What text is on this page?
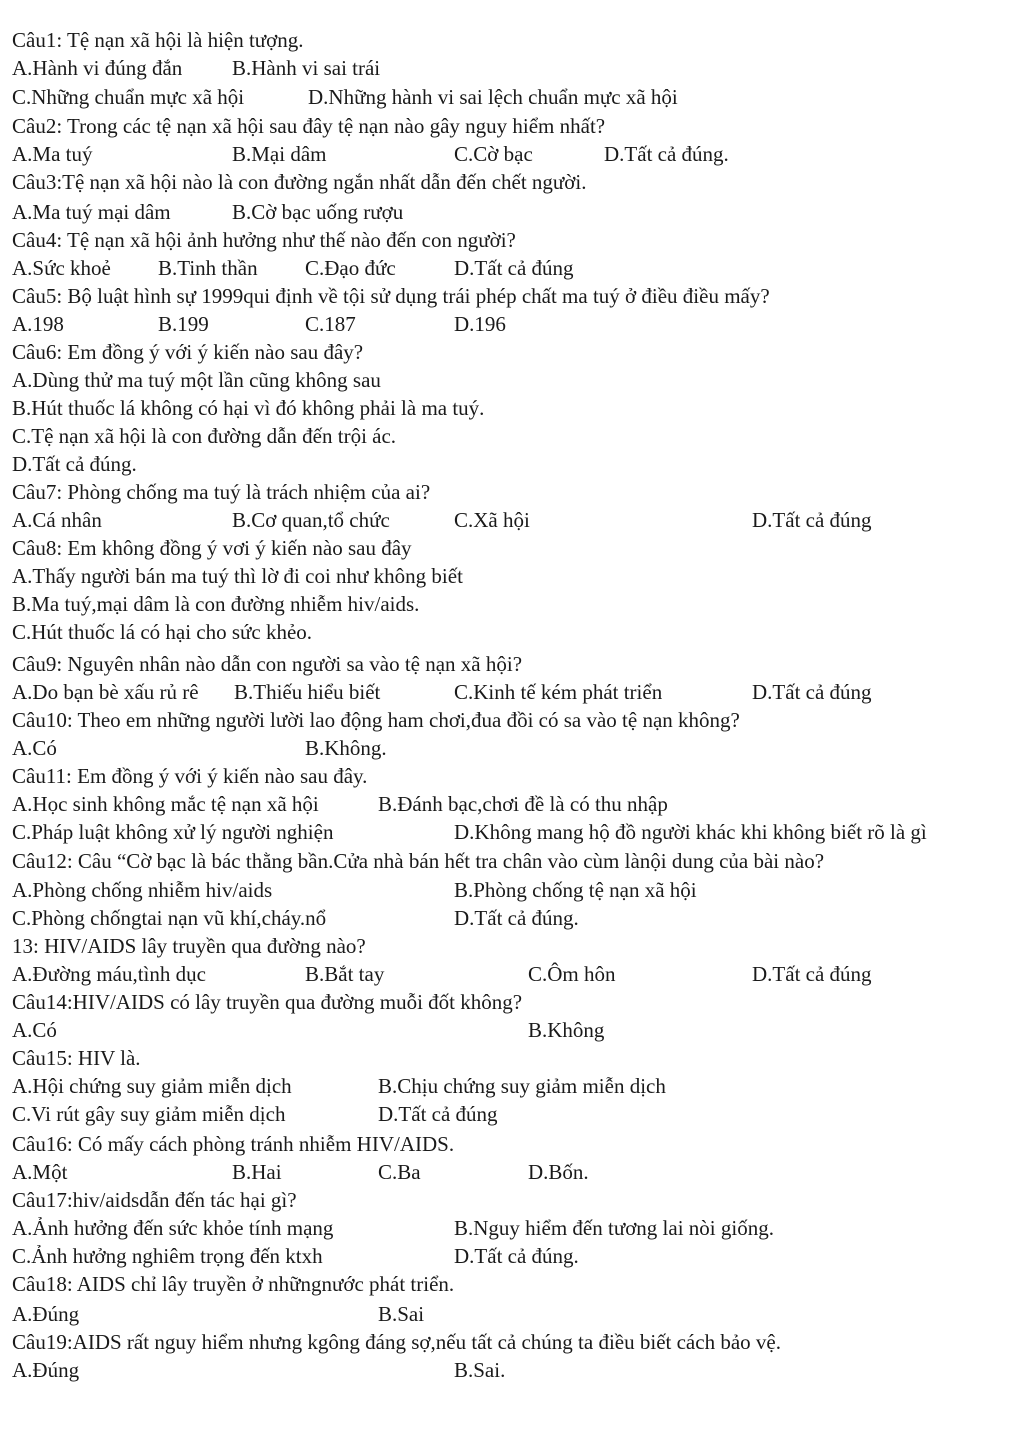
Câu1: Tệ nạn xã hội là hiện tượng.
A.Hành vi đúng đắn B.Hành vi sai trái
C.Những chuẩn mực xã hội	D.Những hành vi sai lệch chuẩn mực xã hội
Câu2: Trong các tệ nạn xã hội sau đây tệ nạn nào gây nguy hiểm nhất?
A.Ma tuý	B.Mại dâm	C.Cờ bạc	D.Tất cả đúng.
Câu3:Tệ nạn xã hội nào là con đường ngắn nhất dẫn đến chết người.
A.Ma tuý mại dâm	B.Cờ bạc uống rượu
Câu4: Tệ nạn xã hội ảnh hưởng như thế nào đến con người?
A.Sức khoẻ B.Tinh thần C.Đạo đức	D.Tất cả đúng
Câu5: Bộ luật hình sự 1999qui định về tội sử dụng trái phép chất ma tuý ở điều điều mấy?
A.198	B.199	C.187	D.196
Câu6: Em đồng ý với ý kiến nào sau đây?
A.Dùng thử ma tuý một lần cũng không sau
B.Hút thuốc lá không có hại vì đó không phải là ma tuý.
C.Tệ nạn xã hội là con đường dẫn đến trội ác.
D.Tất cả đúng.
Câu7: Phòng chống ma tuý là trách nhiệm của ai?
A.Cá nhân	B.Cơ quan,tổ chức	C.Xã hội	D.Tất cả đúng
Câu8: Em không đồng ý vơi ý kiến nào sau đây
A.Thấy người bán ma tuý thì lờ đi coi như không biết
B.Ma tuý,mại dâm là con đường nhiễm hiv/aids.
C.Hút thuốc lá có hại cho sức khẻo.
Câu9: Nguyên nhân nào dẫn con người sa vào tệ nạn xã hội?
A.Do bạn bè xấu rủ rê B.Thiếu hiểu biết	C.Kinh tế kém phát triển	D.Tất cả đúng
Câu10: Theo em những người lười lao động ham chơi,đua đồi có sa vào tệ nạn không?
A.Có	B.Không.
Câu11: Em đồng ý với ý kiến nào sau đây.
A.Học sinh không mắc tệ nạn xã hội	B.Đánh bạc,chơi đề là có thu nhập
C.Pháp luật không xử lý người nghiện	D.Không mang hộ đồ người khác khi không biết rõ là gì
Câu12: Câu “Cờ bạc là bác thằng bần.Cửa nhà bán hết tra chân vào cùm lànội dung của bài nào?
A.Phòng chống nhiễm hiv/aids	B.Phòng chống tệ nạn xã hội
C.Phòng chốngtai nạn vũ khí,cháy.nổ	D.Tất cả đúng.
13: HIV/AIDS lây truyền qua đường nào?
A.Đường máu,tình dục	B.Bắt tay	C.Ôm hôn	D.Tất cả đúng
Câu14:HIV/AIDS có lây truyền qua đường muỗi đốt không?
A.Có	B.Không
Câu15: HIV là.
A.Hội chứng suy giảm miễn dịch	B.Chịu chứng suy giảm miễn dịch
C.Vi rút gây suy giảm miễn dịch	D.Tất cả đúng
Câu16: Có mấy cách phòng tránh nhiễm HIV/AIDS.
A.Một	B.Hai	C.Ba	D.Bốn.
Câu17:hiv/aidsdẫn đến tác hại gì?
A.Ảnh hưởng đến sức khỏe tính mạng	B.Nguy hiểm đến tương lai nòi giống.
C.Ảnh hưởng nghiêm trọng đến ktxh	D.Tất cả đúng.
Câu18: AIDS chỉ lây truyền ở nhữngnước phát triển.
A.Đúng	B.Sai
Câu19:AIDS rất nguy hiểm nhưng kgông đáng sợ,nếu tất cả chúng ta điều biết cách bảo vệ.
A.Đúng	B.Sai.
